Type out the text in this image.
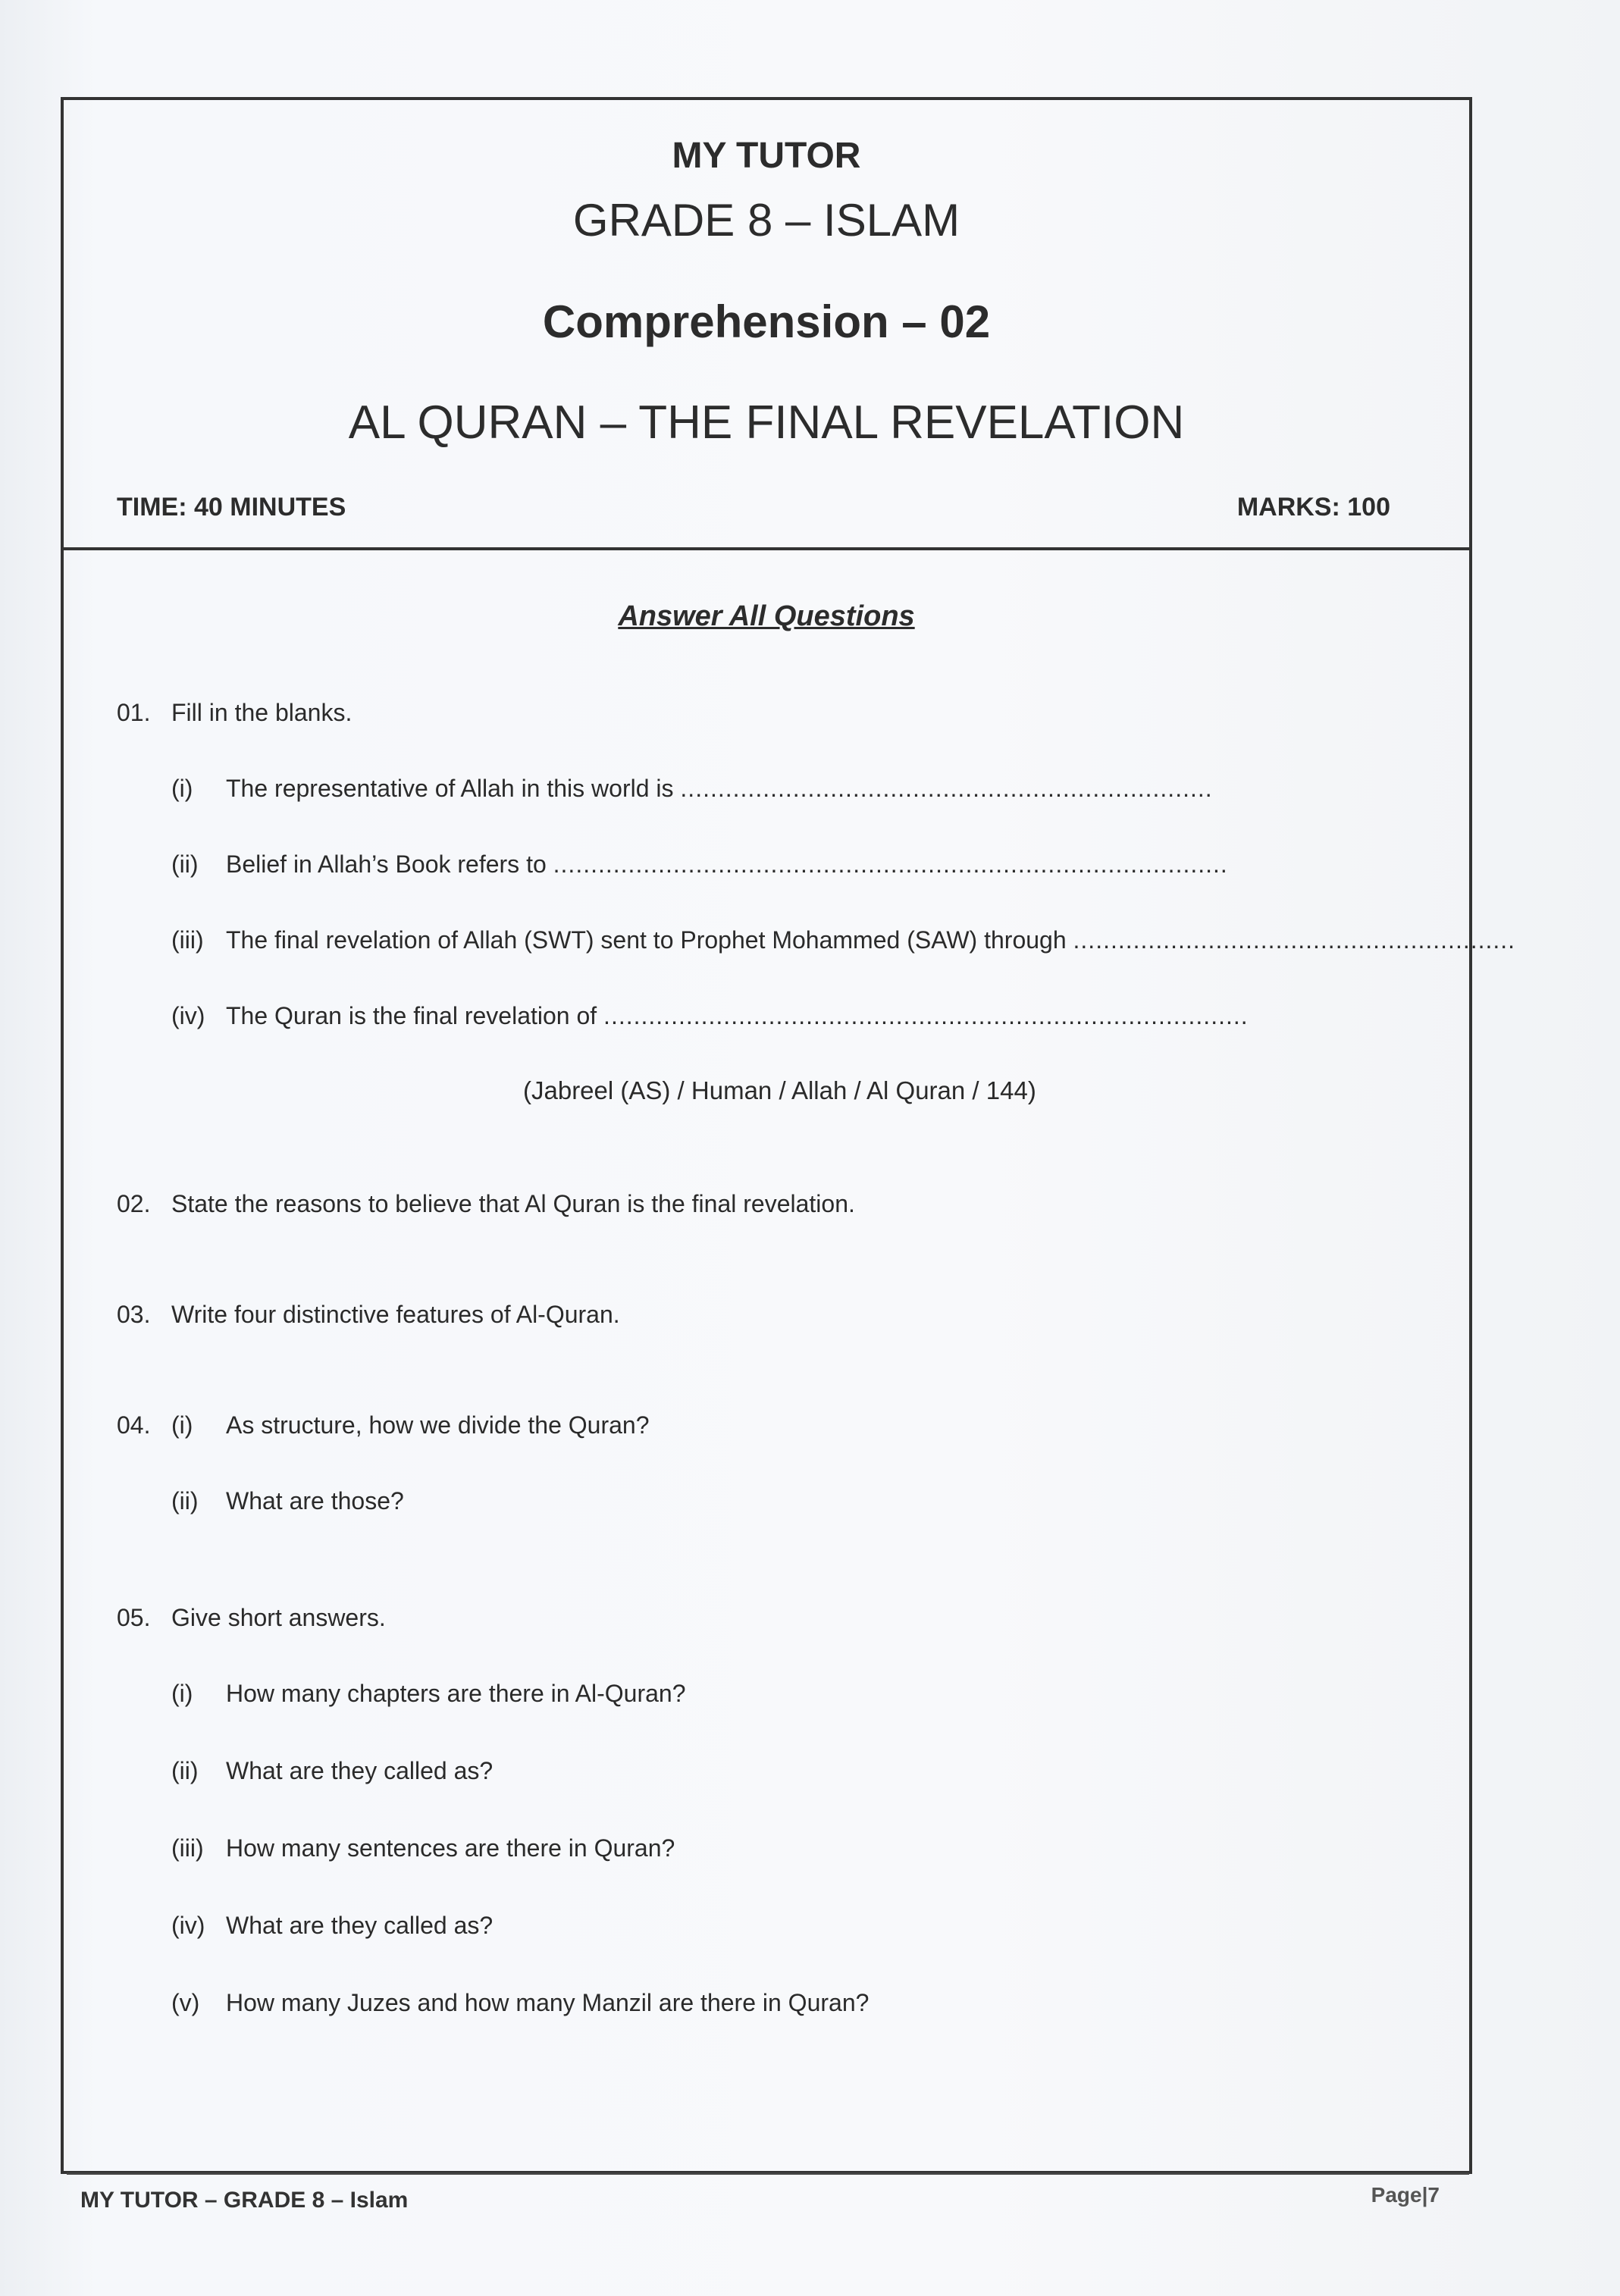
MY TUTOR
GRADE 8 – ISLAM
Comprehension – 02
AL QURAN – THE FINAL REVELATION
TIME: 40 MINUTES	MARKS: 100
Answer All Questions
01. Fill in the blanks.
(i) The representative of Allah in this world is .......................................................................
(ii) Belief in Allah’s Book refers to ..........................................................................................
(iii) The final revelation of Allah (SWT) sent to Prophet Mohammed (SAW) through ...........................................................
(iv) The Quran is the final revelation of ......................................................................................
(Jabreel (AS) / Human / Allah / Al Quran / 144)
02. State the reasons to believe that Al Quran is the final revelation.
03. Write four distinctive features of Al-Quran.
04. (i) As structure, how we divide the Quran?
(ii) What are those?
05. Give short answers.
(i) How many chapters are there in Al-Quran?
(ii) What are they called as?
(iii) How many sentences are there in Quran?
(iv) What are they called as?
(v) How many Juzes and how many Manzil are there in Quran?
MY TUTOR – GRADE 8 – Islam	Page|7
